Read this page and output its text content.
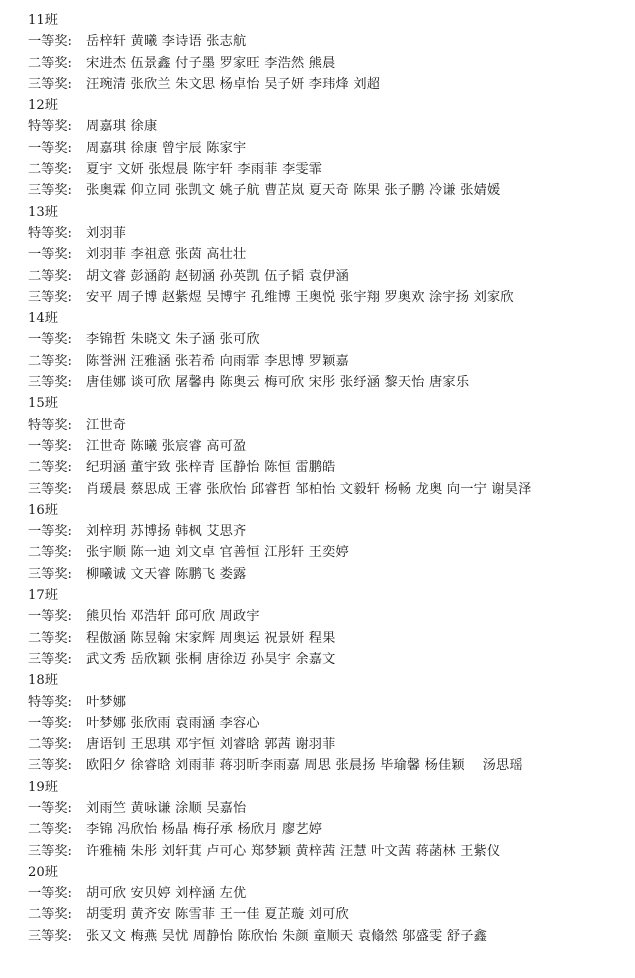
11班
一等奖: 岳梓轩 黄曦 李诗语 张志航
二等奖: 宋进杰 伍景鑫 付子墨 罗家旺 李浩然 熊晨
三等奖: 汪琬清 张欣兰 朱文思 杨卓怡 吴子妍 李玮烽 刘超
12班
特等奖: 周嘉琪 徐康
一等奖: 周嘉琪 徐康 曾宇辰 陈家宇
二等奖: 夏宇 文妍 张煜晨 陈宇轩 李雨菲 李雯霏
三等奖: 张奥霖 仰立同 张凯文 姚子航 曹芷岚 夏天奇 陈果 张子鹏 冷谦 张婧媛
13班
特等奖: 刘羽菲
一等奖: 刘羽菲 李祖意 张茵 高壮壮
二等奖: 胡文睿 彭涵韵 赵韧涵 孙英凯 伍子韬 袁伊涵
三等奖: 安平 周子博 赵紫煜 吴博宇 孔维博 王奥悦 张宇翔 罗奥欢 涂宇扬 刘家欣
14班
一等奖: 李锦哲 朱晓文 朱子涵 张可欣
二等奖: 陈誉洲 汪雅涵 张若希 向雨霏 李思博 罗颖嘉
三等奖: 唐佳娜 谈可欣 屠馨冉 陈奥云 梅可欣 宋彤 张纾涵 黎天怡 唐家乐
15班
特等奖: 江世奇
一等奖: 江世奇 陈曦 张宸睿 高可盈
二等奖: 纪玥涵 董宇致 张梓青 匡静怡 陈恒 雷鹏皓
三等奖: 肖瑗晨 蔡思成 王睿 张欣怡 邱睿哲 邹柏怡 文毅轩 杨畅 龙奥 向一宁 谢昊泽
16班
一等奖: 刘梓玥 苏博扬 韩枫 艾思齐
二等奖: 张宇顺 陈一迪 刘文卓 官善恒 江彤轩 王奕婷
三等奖: 柳曦诚 文天睿 陈鹏飞 娄露
17班
一等奖: 熊贝怡 邓浩轩 邱可欣 周政宇
二等奖: 程傲涵 陈昱翰 宋家辉 周奥运 祝景妍 程果
三等奖: 武文秀 岳欣颖 张桐 唐徐迈 孙昊宇 余嘉文
18班
特等奖: 叶梦娜
一等奖: 叶梦娜 张欣雨 袁雨涵 李容心
二等奖: 唐语钊 王思琪 邓宇恒 刘睿晗 郭茜 谢羽菲
三等奖: 欧阳夕 徐睿晗 刘雨菲 蒋羽昕李雨嘉 周思 张晨扬 毕瑜馨 杨佳颖　 汤思瑶
19班
一等奖: 刘雨竺 黄咏谦 涂顺 吴嘉怡
二等奖: 李锦 冯欣怡 杨晶 梅孖承 杨欣月 廖艺婷
三等奖: 许雅楠 朱彤 刘轩萁 卢可心 郑梦颖 黄梓茜 汪慧 叶文茜 蒋菡林 王紫仪
20班
一等奖: 胡可欣 安贝婷 刘梓涵 左优
二等奖: 胡雯玥 黄齐安 陈雪菲 王一佳 夏芷璇 刘可欣
三等奖: 张又文 梅燕 吴忧 周静怡 陈欣怡 朱颜 童顺天 袁翛然 邬盛雯 舒子鑫
